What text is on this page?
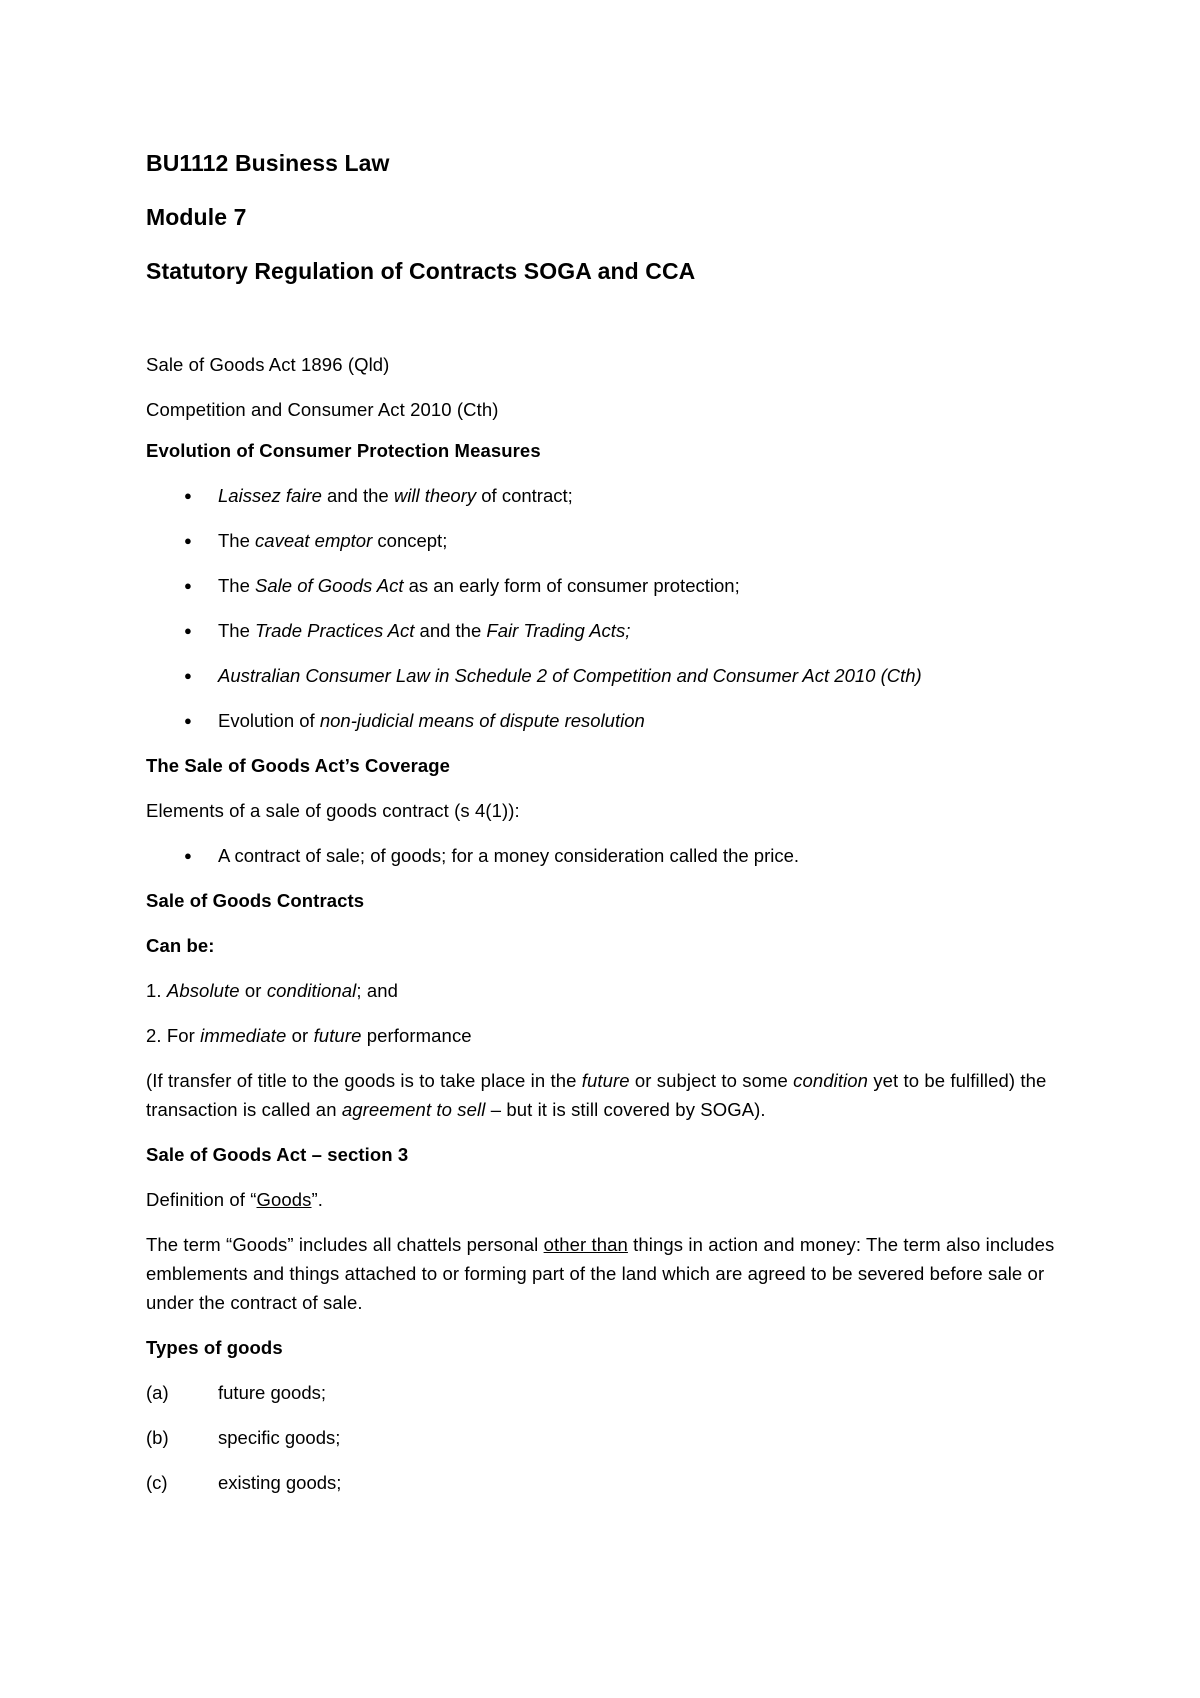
BU1112 Business Law
Module 7
Statutory Regulation of Contracts SOGA and CCA

Sale of Goods Act 1896 (Qld)

Competition and Consumer Act 2010 (Cth)

Evolution of Consumer Protection Measures

● Laissez faire and the will theory of contract;
● The caveat emptor concept;
● The Sale of Goods Act as an early form of consumer protection;
● The Trade Practices Act and the Fair Trading Acts;
● Australian Consumer Law in Schedule 2 of Competition and Consumer Act 2010 (Cth)
● Evolution of non-judicial means of dispute resolution

The Sale of Goods Act’s Coverage

Elements of a sale of goods contract (s 4(1)):

● A contract of sale; of goods; for a money consideration called the price.

Sale of Goods Contracts

Can be:

1. Absolute or conditional; and

2. For immediate or future performance

(If transfer of title to the goods is to take place in the future or subject to some condition yet to be fulfilled) the transaction is called an agreement to sell – but it is still covered by SOGA).

Sale of Goods Act – section 3

Definition of “Goods”.

The term “Goods” includes all chattels personal other than things in action and money: The term also includes emblements and things attached to or forming part of the land which are agreed to be severed before sale or under the contract of sale.

Types of goods

(a)	future goods;
(b)	specific goods;
(c)	existing goods;
